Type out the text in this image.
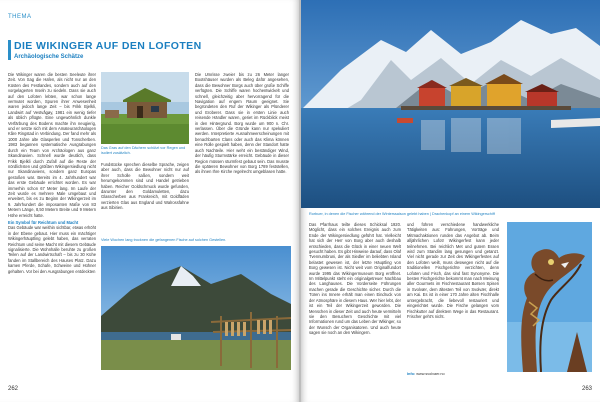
THEMA
DIE WIKINGER AUF DEN LOFOTEN
Archäologische Schätze
Die Wikinger waren die besten Seeleute ihrer Zeit. Von Sag die Hafen, als nicht nur an den Küsten des Festlandes, sondern auch auf den vorgelagerten Inseln zu siedeln. Dass sie auch auf den Lofoten lebten, war schon lange vermutet worden, Spuren ihrer Anwesenheit waren jedoch lange Zeit – bis Frikk Bjelkli, Landwirt auf Vestvågøy, 1981 ein wenig tiefer als üblich pflügte. Eine ungewöhnlich dunkle Verfärbung des Bodens machte ihn neugierig, und er setzte sich mit dem Amateurarchäologen Kåre Ringstad in Verbindung. Der fand mehr als 1000 Jahre alte Glasperlen und Tonscherben. 1983 begannen systematische Ausgrabungen durch ein Team von Archäologen aus ganz Skandinavien. Schnell wurde deutlich, dass Frikk Bjelkli durch Zufall auf die Reste der nördlichsten und größten Wikingersiedlung nicht nur Skandinaviens, sondern ganz Europas gestoßen war. Bereits im 4. Jahrhundert war das erste Gebäude errichtet worden. Es war immerhin schon 67 Meter lang. Im Laufe der Zeit wurde es mehrere Male umgebaut und erweitert, bis es zu Beginn der Wikingerzeit im 9. Jahrhundert die imposanten Maße von 83 Metern Länge, 8,50 Metern Breite und 9 Metern Höhe erreicht hatte.
Ein Symbol für Reichtum und Macht
Das Gebäude war weithin sichtbar, etwas erhöht in der Ebene gebaut. Hier muss ein mächtiger Wikingerhäuptling gelebt haben, das verraten Reichtum und seine Macht mit diesem Gebäude signalisierte. Die Wohnhalle beruhte zu großen Teilen auf der Landwirtschaft – bis zu 30 Kühe fanden im Stallbereich des Hauses Platz. Dazu kamen Pferde, Schafe, Schweine und Hühner gehalten. Vor bei den Ausgrabungen entdeckten
Das Gras auf den Dächern schützt vor Regen und isoliert zusätzlich.
Fundstücke sprechen dieselbe Sprache, zeigen aber auch, dass die Bewohner nicht nur auf ihrer Scholle saßen, sondern weit herumgekommen sind und Handel getrieben haben. Reicher Goldschmuck wurde gefunden, darunter den Goldamuletten, dazu Glasscherben aus Frankreich, mit Goldfäden verzierten Glas aus England und Walrossfahne aus Sibirien.
Die Umrisse zweier bis zu 26 Meter langer Bootshäuser wurden als Beleg dafür angesehen, dass die Bewohner Borgs auch über große Schiffe verfügten. Die Schiffe waren hochentwickelt und schnell, gleichzeitig aber hervorragend für die Navigation auf engem Raum geeignet. Sie begründeten den Ruf der Wikinger als Plünderer und Eroberer. Dass sie in ersten Linie auch reisende Händler waren, geriet im Rückblick meist in den Hintergrund. Borg wurde um 900 n. Chr. verlassen. Über die Gründe kann nur spekuliert werden. Interpretierte Ausnahmeerscheinungen mit benachbarten Clans oder auch das Klima können eine Rolle gespielt haben, denn der Standort hatte auch Nachteile. Hier weht ein beständiger Wind, der häufig Sturmstärke erreicht. Gebäude in dieser Region müssen sturmfest gebaut sein. Das musste die späteren Bewohner von Borg 1789 feststellen, als ihnen Ihre Kirche regelrecht umgeblasen hatte.
Viele Wochen lang trocknen die gefangenen Fische auf solchen Gestellen.
262
Rorbuer, in denen die Fischer während der Winterssaison gelebt haben | Drachenkopf an einem Wikingerschiff
Das Pfarrhaus teilte dieses Schicksal 1920. Möglicht, dass ein solches Ereignis auch zum Ende der Wikingersiedlung geführt hat. Vielleicht hat sich der Herr von Borg aber auch deshalb entschieden, dass die Glück in einer neuen Welt gesucht haben. Es gibt Hinweise darauf, dass Olaf Tvennumbruni, der als Siedler im beliebten Island belastet gewesen ist, der letzte Häuptling von Borg gewesen ist. Nicht weit vom Originalfundort wurde 1995 das Wikingermuseum Borg eröffnet. Im Mittelpunkt steht ein originalgetreuer Nachbau des Langhauses. Die Vorderseite Führungen machen gerade die Geschichte sicher. Durch die Türen ins Innere erhält man einen Eindruck von der Atmosphäre in diesem Haus. Wer hier lebt, der ist ein Teil der Wikingerzeit geworden. Die Menschen in dieser Zeit und auch heute vermitteln sie den Besuchern Geschichte mit viel Informationen rund um das Leben der Wikinger, so der Wunsch der Organisatoren. Und auch heute sagen sie noch an den Wikingern.
und führen verschiedene handwerkliche Tätigkeiten aus: Fahrungen, Vorträge und Mitmachaktionen runden das Angebot ab. Beim alljährlichen Lofotr Wikingerfest kann jeder teilnehmen. Bei reichlich Met und gutem Essen wird zum Standim lang gesungen und getanzt. Viel nicht gerade zur Zeit des Wikingerfestes auf den Lofoten weilt, muss deswegen nicht auf die traditionellen Fischgerichte verzichten, denn Lofoten und Fisch, das sind fast Synonyme. Die besten Fischgerichte bekommt man nach Meinung aller Gourmets im Fischrestaurant Børsen Spiseri in Svolvær, dem ältesten Teil von Svolvær, direkt am Kai. Es ist in einer 170 Jahre alten Fischhalle untergebracht, die liebevoll restauriert und eingerichtet wurde. Die Fische gelangen vom Fischkutter auf direktem Wege in das Restaurant. Frischer geht's nicht.
Info: www.svolvaer.no
263
